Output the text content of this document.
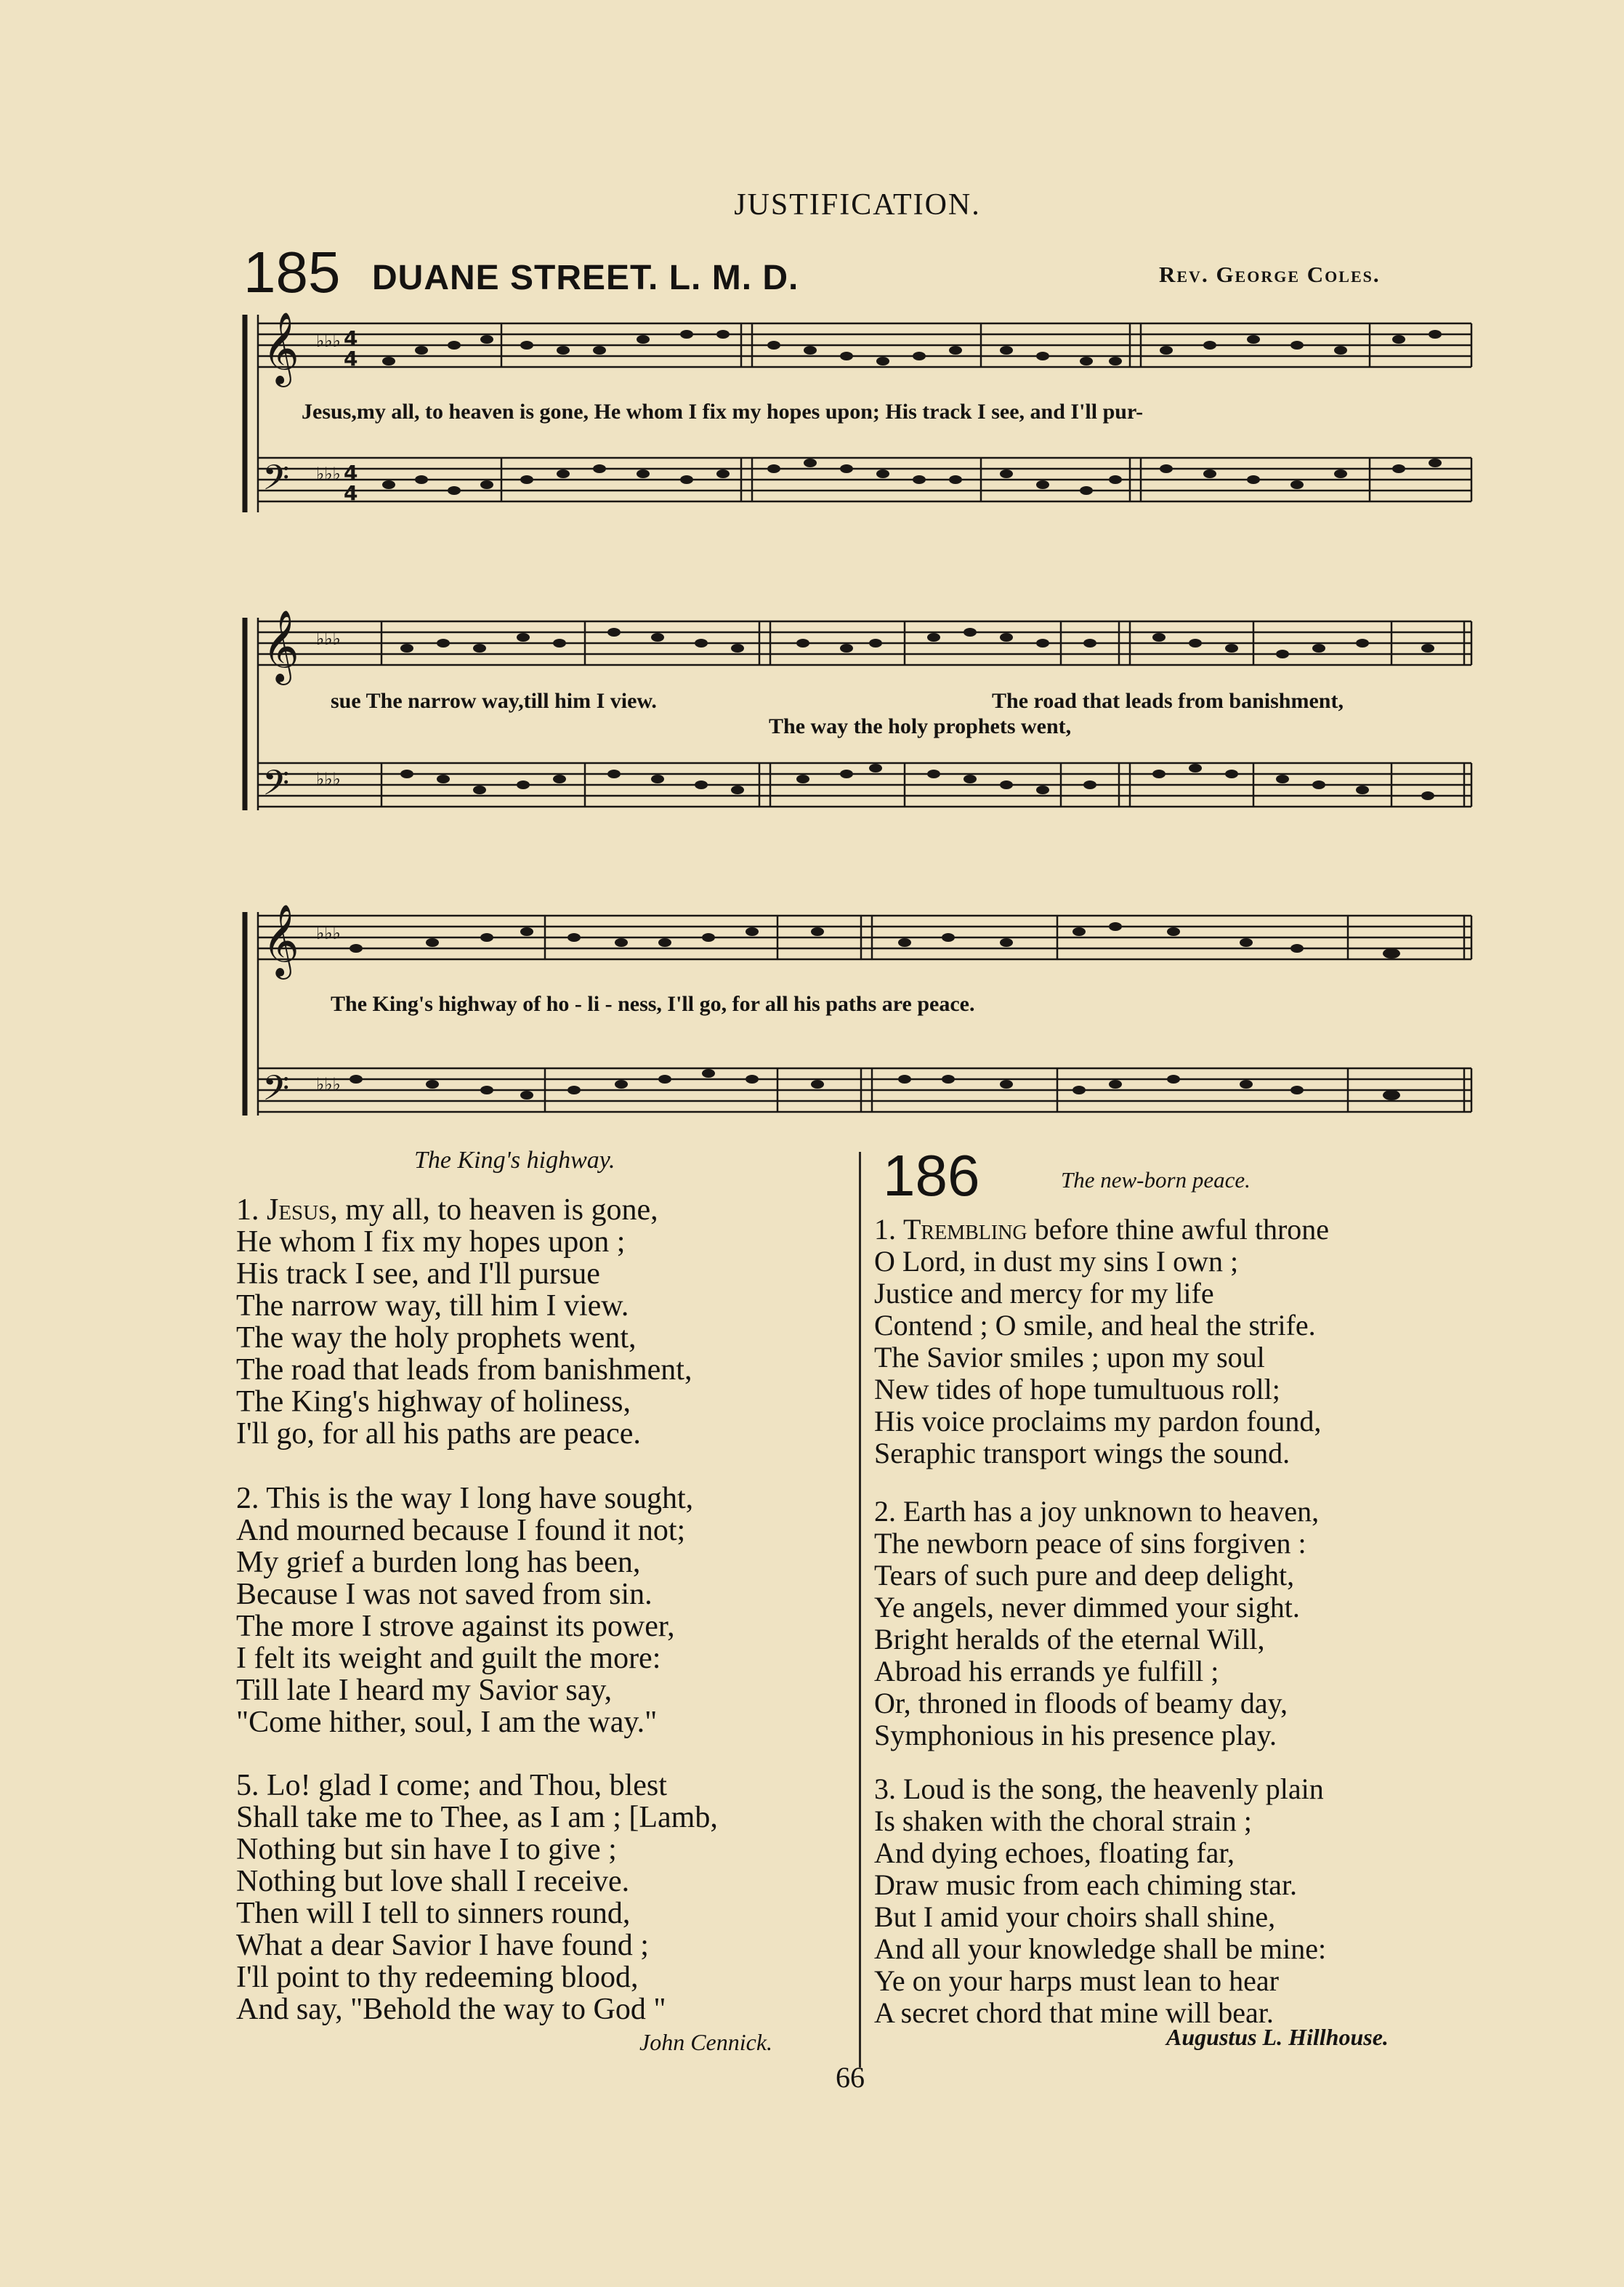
JUSTIFICATION.
185 DUANE STREET. L. M. D.	Rev. George Coles.
𝄞
𝄢
♭♭♭
♭♭♭
4
4
4
4
Jesus,my all, to heaven is gone, He whom I fix my hopes upon; His track I see, and I'll pur-
𝄞
𝄢
♭♭♭
♭♭♭
sue The narrow way,till him I view.	The road that leads from banishment,
The way the holy prophets went,
𝄞
𝄢
♭♭♭
♭♭♭
The King's highway of ho - li - ness, I'll go, for all his paths are peace.
The King's highway.
1. Jesus, my all, to heaven is gone,
He whom I fix my hopes upon ;
His track I see, and I'll pursue
The narrow way, till him I view.
The way the holy prophets went,
The road that leads from banishment,
The King's highway of holiness,
I'll go, for all his paths are peace.
2. This is the way I long have sought,
And mourned because I found it not;
My grief a burden long has been,
Because I was not saved from sin.
The more I strove against its power,
I felt its weight and guilt the more:
Till late I heard my Savior say,
"Come hither, soul, I am the way."
5. Lo! glad I come; and Thou, blest
Shall take me to Thee, as I am ; [Lamb,
Nothing but sin have I to give ;
Nothing but love shall I receive.
Then will I tell to sinners round,
What a dear Savior I have found ;
I'll point to thy redeeming blood,
And say, "Behold the way to God "
John Cennick.
186	The new-born peace.
1. Trembling before thine awful throne
O Lord, in dust my sins I own ;
Justice and mercy for my life
Contend ; O smile, and heal the strife.
The Savior smiles ; upon my soul
New tides of hope tumultuous roll;
His voice proclaims my pardon found,
Seraphic transport wings the sound.
2. Earth has a joy unknown to heaven,
The newborn peace of sins forgiven :
Tears of such pure and deep delight,
Ye angels, never dimmed your sight.
Bright heralds of the eternal Will,
Abroad his errands ye fulfill ;
Or, throned in floods of beamy day,
Symphonious in his presence play.
3. Loud is the song, the heavenly plain
Is shaken with the choral strain ;
And dying echoes, floating far,
Draw music from each chiming star.
But I amid your choirs shall shine,
And all your knowledge shall be mine:
Ye on your harps must lean to hear
A secret chord that mine will bear.
Augustus L. Hillhouse.
66
